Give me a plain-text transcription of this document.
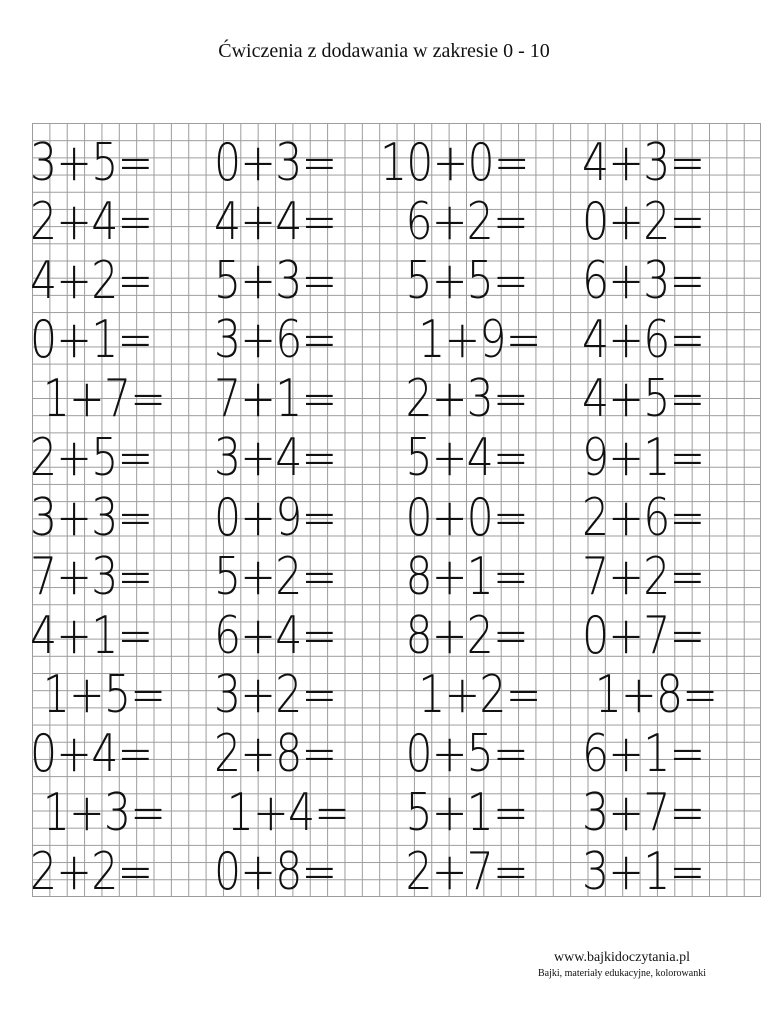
Ćwiczenia z dodawania w zakresie 0 - 10
3+5=
2+4=
4+2=
0+1=
1+7=
2+5=
3+3=
7+3=
4+1=
1+5=
0+4=
1+3=
2+2=
0+3=
4+4=
5+3=
3+6=
7+1=
3+4=
0+9=
5+2=
6+4=
3+2=
2+8=
1+4=
0+8=
10+0=
6+2=
5+5=
1+9=
2+3=
5+4=
0+0=
8+1=
8+2=
1+2=
0+5=
5+1=
2+7=
4+3=
0+2=
6+3=
4+6=
4+5=
9+1=
2+6=
7+2=
0+7=
1+8=
6+1=
3+7=
3+1=
www.bajkidoczytania.pl
Bajki, materiały edukacyjne, kolorowanki
